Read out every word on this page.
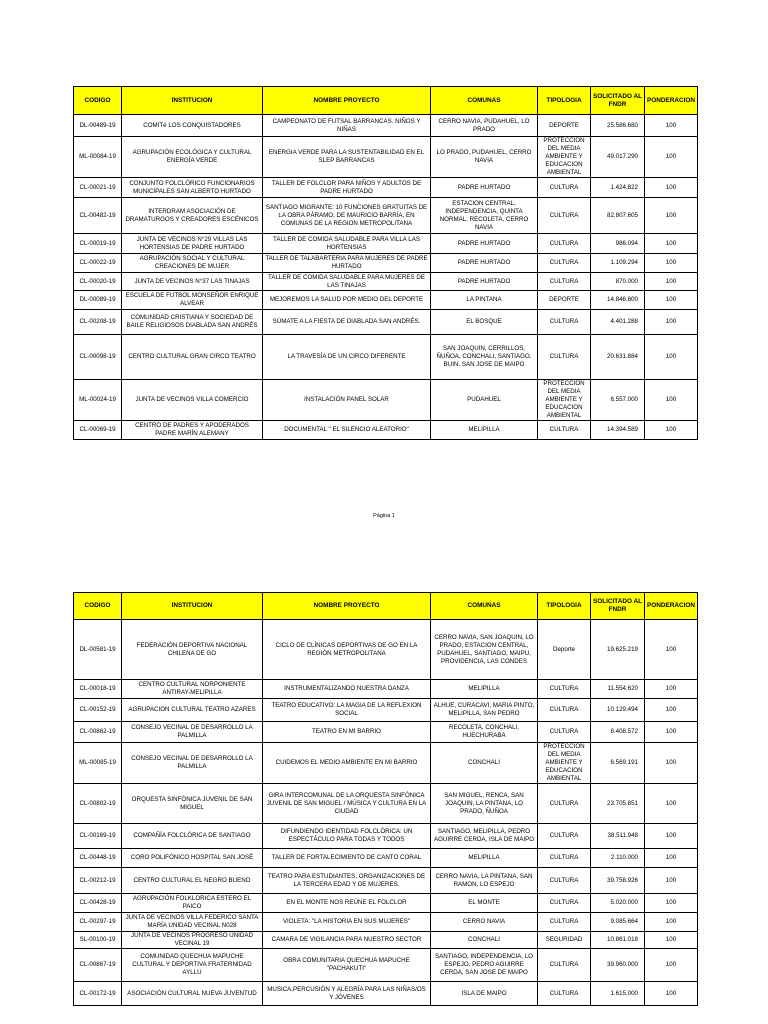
CODIGO	INSTITUCION	NOMBRE PROYECTO	COMUNAS	TIPOLOGIA	SOLICITADO AL FNDR	PONDERACION
DL-00489-19	COMITé LOS CONQUISTADORES	CAMPEONATO DE FUTSAL BARRANCAS. NIÑOS Y NIÑAS	CERRO NAVIA, PUDAHUEL, LO PRADO	DEPORTE	25.586.680	100
ML-00084-19	AGRUPACIÓN ECOLÓGICA Y CULTURAL ENERGÍA VERDE	ENERGIA VERDE PARA LA SUSTENTABILIDAD EN EL SLEP BARRANCAS	LO PRADO, PUDAHUEL, CERRO NAVIA	PROTECCION DEL MEDIA AMBIENTE Y EDUCACION AMBIENTAL	49.017.290	100
CL-00021-19	CONJUNTO FOLCLÓRICO FUNCIONARIOS MUNICIPALES SAN ALBERTO HURTADO	TALLER DE FOLCLOR PARA NIÑOS Y ADULTOS DE PADRE HURTADO	PADRE HURTADO	CULTURA	1.424.822	100
CL-00482-19	INTERDRAM ASOCIACIÓN DE DRAMATURGOS Y CREADORES ESCÉNICOS	SANTIAGO MIGRANTE: 10 FUNCIONES GRATUITAS DE LA OBRA PÁRAMO, DE MAURICIO BARRÍA, EN COMUNAS DE LA REGION METROPOLITANA	ESTACION CENTRAL, INDEPENDENCIA, QUINTA NORMAL, RECOLETA, CERRO NAVIA	CULTURA	82.807.605	100
CL-00019-19	JUNTA DE VECINOS N°29 VILLAS LAS HORTENSIAS DE PADRE HURTADO	TALLER DE COMIDA SALUDABLE PARA VILLA LAS HORTENSIAS	PADRE HURTADO	CULTURA	986.094	100
CL-00022-19	AGRUPACIÓN SOCIAL Y CULTURAL CREACIONES DE MUJER	TALLER DE TALABARTERIA PARA MUJERES DE PADRE HURTADO	PADRE HURTADO	CULTURA	1.109.294	100
CL-00020-19	JUNTA DE VECINOS N°37 LAS TINAJAS	TALLER DE COMIDA SALUDABLE PARA MUJERES DE LAS TINAJAS	PADRE HURTADO	CULTURA	870.000	100
DL-00089-19	ESCUELA DE FUTBOL MONSEÑOR ENRIQUE ALVEAR	MEJOREMOS LA SALUD POR MEDIO DEL DEPORTE	LA PINTANA	DEPORTE	14.846.800	100
CL-00208-19	COMUNIDAD CRISTIANA Y SOCIEDAD DE BAILE RELIGIOSOS DIABLADA SAN ANDRÉS	SÚMATE A LA FIESTA DE DIABLADA SAN ANDRÉS.	EL BOSQUE	CULTURA	4.401.288	100
CL-00098-19	CENTRO CULTURAL GRAN CIRCO TEATRO	LA TRAVESÍA DE UN CIRCO DIFERENTE	SAN JOAQUIN, CERRILLOS, ÑUÑOA, CONCHALI, SANTIAGO, BUIN, SAN JOSE DE MAIPO	CULTURA	20.631.884	100
ML-00024-19	JUNTA DE VECINOS VILLA COMERCIO	INSTALACIÓN PANEL SOLAR	PUDAHUEL	PROTECCION DEL MEDIA AMBIENTE Y EDUCACION AMBIENTAL	6.557.000	100
CL-00069-19	CENTRO DE PADRES Y APODERADOS PADRE MARÍN ALEMANY	DOCUMENTAL " EL SILENCIO ALEATORIO"	MELIPILLA	CULTURA	14.394.589	100
Página 1
CODIGO	INSTITUCION	NOMBRE PROYECTO	COMUNAS	TIPOLOGIA	SOLICITADO AL FNDR	PONDERACION
DL-00581-19	FEDERACIÓN DEPORTIVA NACIONAL CHILENA DE GO	CICLO DE CLÍNICAS DEPORTIVAS DE GO EN LA REGIÓN METROPOLITANA	CERRO NAVIA, SAN JOAQUIN, LO PRADO, ESTACION CENTRAL, PUDAHUEL, SANTIAGO, MAIPU, PROVIDENCIA, LAS CONDES	Deporte	19.625.219	100
CL-00018-19	CENTRO CULTURAL NORPONIENTE ANTIRAY-MELIPILLA	INSTRUMENTALIZANDO NUESTRA DANZA	MELIPILLA	CULTURA	11.554.620	100
CL-00152-19	AGRUPACION CULTURAL TEATRO AZARES	TEATRO EDUCATIVO: LA MAGIA DE LA REFLEXION SOCIAL	ALHUE, CURACAVI, MARIA PINTO, MELIPILLA, SAN PEDRO	CULTURA	10.129.494	100
CL-00862-19	CONSEJO VECINAL DE DESARROLLO LA PALMILLA	TEATRO EN MI BARRIO	RECOLETA, CONCHALI, HUECHURABA	CULTURA	8.408.572	100
ML-00085-19	CONSEJO VECINAL DE DESARROLLO LA PALMILLA	CUIDEMOS EL MEDIO AMBIENTE EN MI BARRIO	CONCHALI	PROTECCION DEL MEDIA AMBIENTE Y EDUCACION AMBIENTAL	6.569.191	100
CL-00802-19	ORQUESTA SINFÓNICA JUVENIL DE SAN MIGUEL	GIRA INTERCOMUNAL DE LA ORQUESTA SINFÓNICA JUVENIL DE SAN MIGUEL / MÚSICA Y CULTURA EN LA CIUDAD	SAN MIGUEL, RENCA, SAN JOAQUIN, LA PINTANA, LO PRADO, ÑUÑOA	CULTURA	23.705.851	100
CL-00169-19	COMPAÑÍA FOLCLÓRICA DE SANTIAGO	DIFUNDIENDO IDENTIDAD FOLCLÓRICA: UN ESPECTÁCULO PARA TODAS Y TODOS	SANTIAGO, MELIPILLA, PEDRO AGUIRRE CERDA, ISLA DE MAIPO	CULTURA	38.511.948	100
CL-00448-19	CORO POLIFÓNICO HOSPITAL SAN JOSÉ	TALLER DE FORTALECIMIENTO DE CANTO CORAL	MELIPILLA	CULTURA	2.110.000	100
CL-00212-19	CENTRO CULTURAL EL NEGRO BUENO	TEATRO PARA ESTUDIANTES, ORGANIZACIONES DE LA TERCERA EDAD Y DE MUJERES.	CERRO NAVIA, LA PINTANA, SAN RAMON, LO ESPEJO	CULTURA	39.758.926	100
CL-00428-19	AGRUPACIÓN FOLKLORICA ESTERO EL PAICO	EN EL MONTE NOS REÚNE EL FOLCLOR	EL MONTE	CULTURA	5.020.000	100
CL-00297-19	JUNTA DE VECINOS VILLA FEDERICO SANTA MARÍA UNIDAD VECINAL N028	VIOLETA: "LA HISTORIA EN SUS MUJERES"	CERRO NAVIA	CULTURA	9.085.664	100
SL-00100-19	JUNTA DE VECINOS PROGRESO UNIDAD VECINAL 19	CAMARA DE VIGILANCIA PARA NUESTRO SECTOR	CONCHALI	SEGURIDAD	10.861.018	100
CL-00867-19	COMUNIDAD QUECHUA MAPUCHE CULTURAL Y DEPORTIVA FRATERNIDAD AYLLU	OBRA COMUNITARIA QUECHUA MAPUCHE "PACHAKUTI"	SANTIAGO, INDEPENDENCIA, LO ESPEJO, PEDRO AGUIRRE CERDA, SAN JOSE DE MAIPO	CULTURA	39.960.000	100
CL-00172-19	ASOCIACIÓN CULTURAL NUEVA JUVENTUD	MUSICA,PERCUSIÓN Y ALEGRÍA PARA LAS NIÑAS/OS Y JÓVENES	ISLA DE MAIPO	CULTURA	1.615.000	100
